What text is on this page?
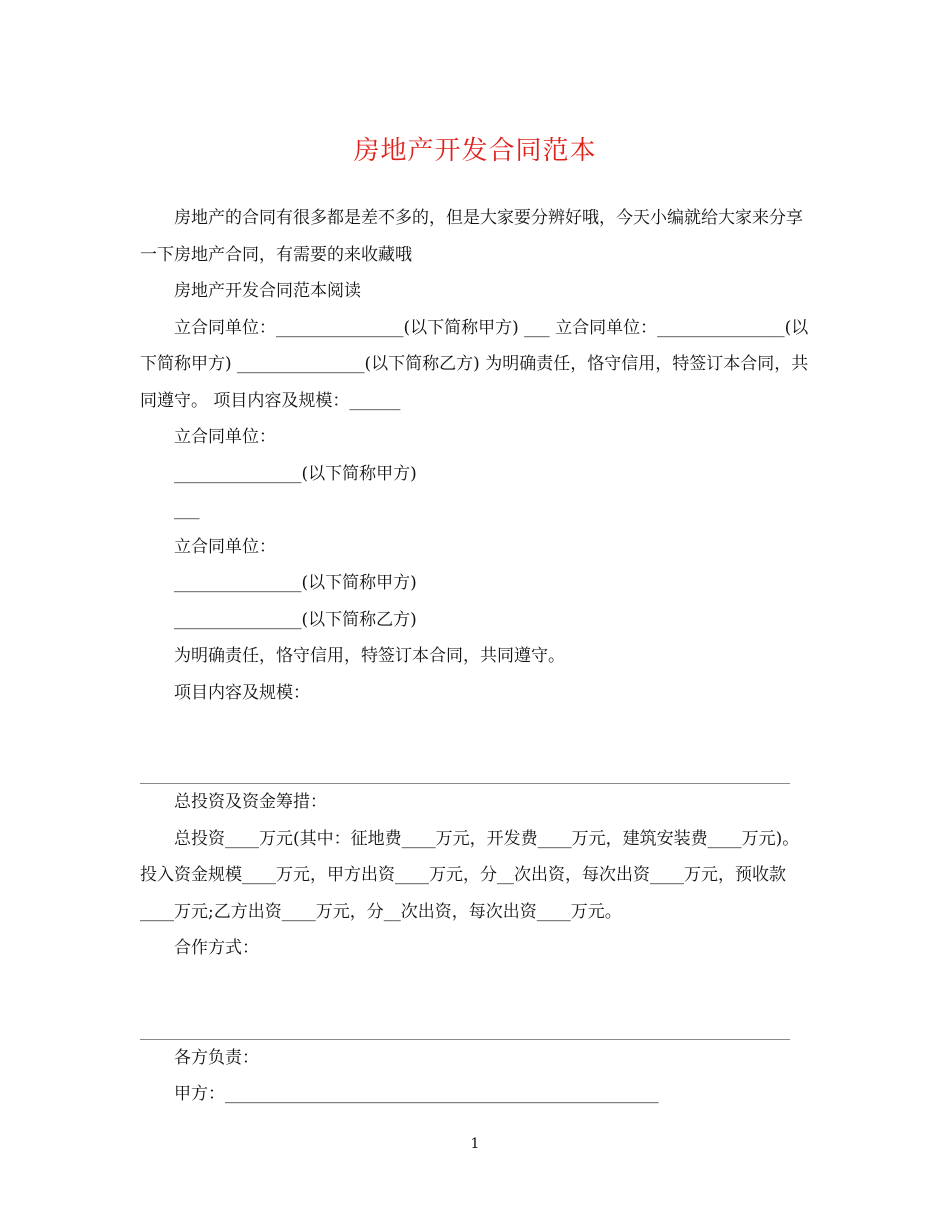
房地产开发合同范本

房地产的合同有很多都是差不多的，但是大家要分辨好哦，今天小编就给大家来分享一下房地产合同，有需要的来收藏哦

房地产开发合同范本阅读

立合同单位：_______________(以下简称甲方) ___ 立合同单位：_______________(以下简称甲方) _______________(以下简称乙方) 为明确责任，恪守信用，特签订本合同，共同遵守。 项目内容及规模：______

立合同单位：

_______________(以下简称甲方)

___

立合同单位：

_______________(以下简称甲方)

_______________(以下简称乙方)

为明确责任，恪守信用，特签订本合同，共同遵守。

项目内容及规模：

总投资及资金筹措：

总投资____万元(其中：征地费____万元，开发费____万元，建筑安装费____万元)。投入资金规模____万元，甲方出资____万元，分__次出资，每次出资____万元，预收款____万元;乙方出资____万元，分__次出资，每次出资____万元。

合作方式：

各方负责：

甲方：___________________________________________________

1
